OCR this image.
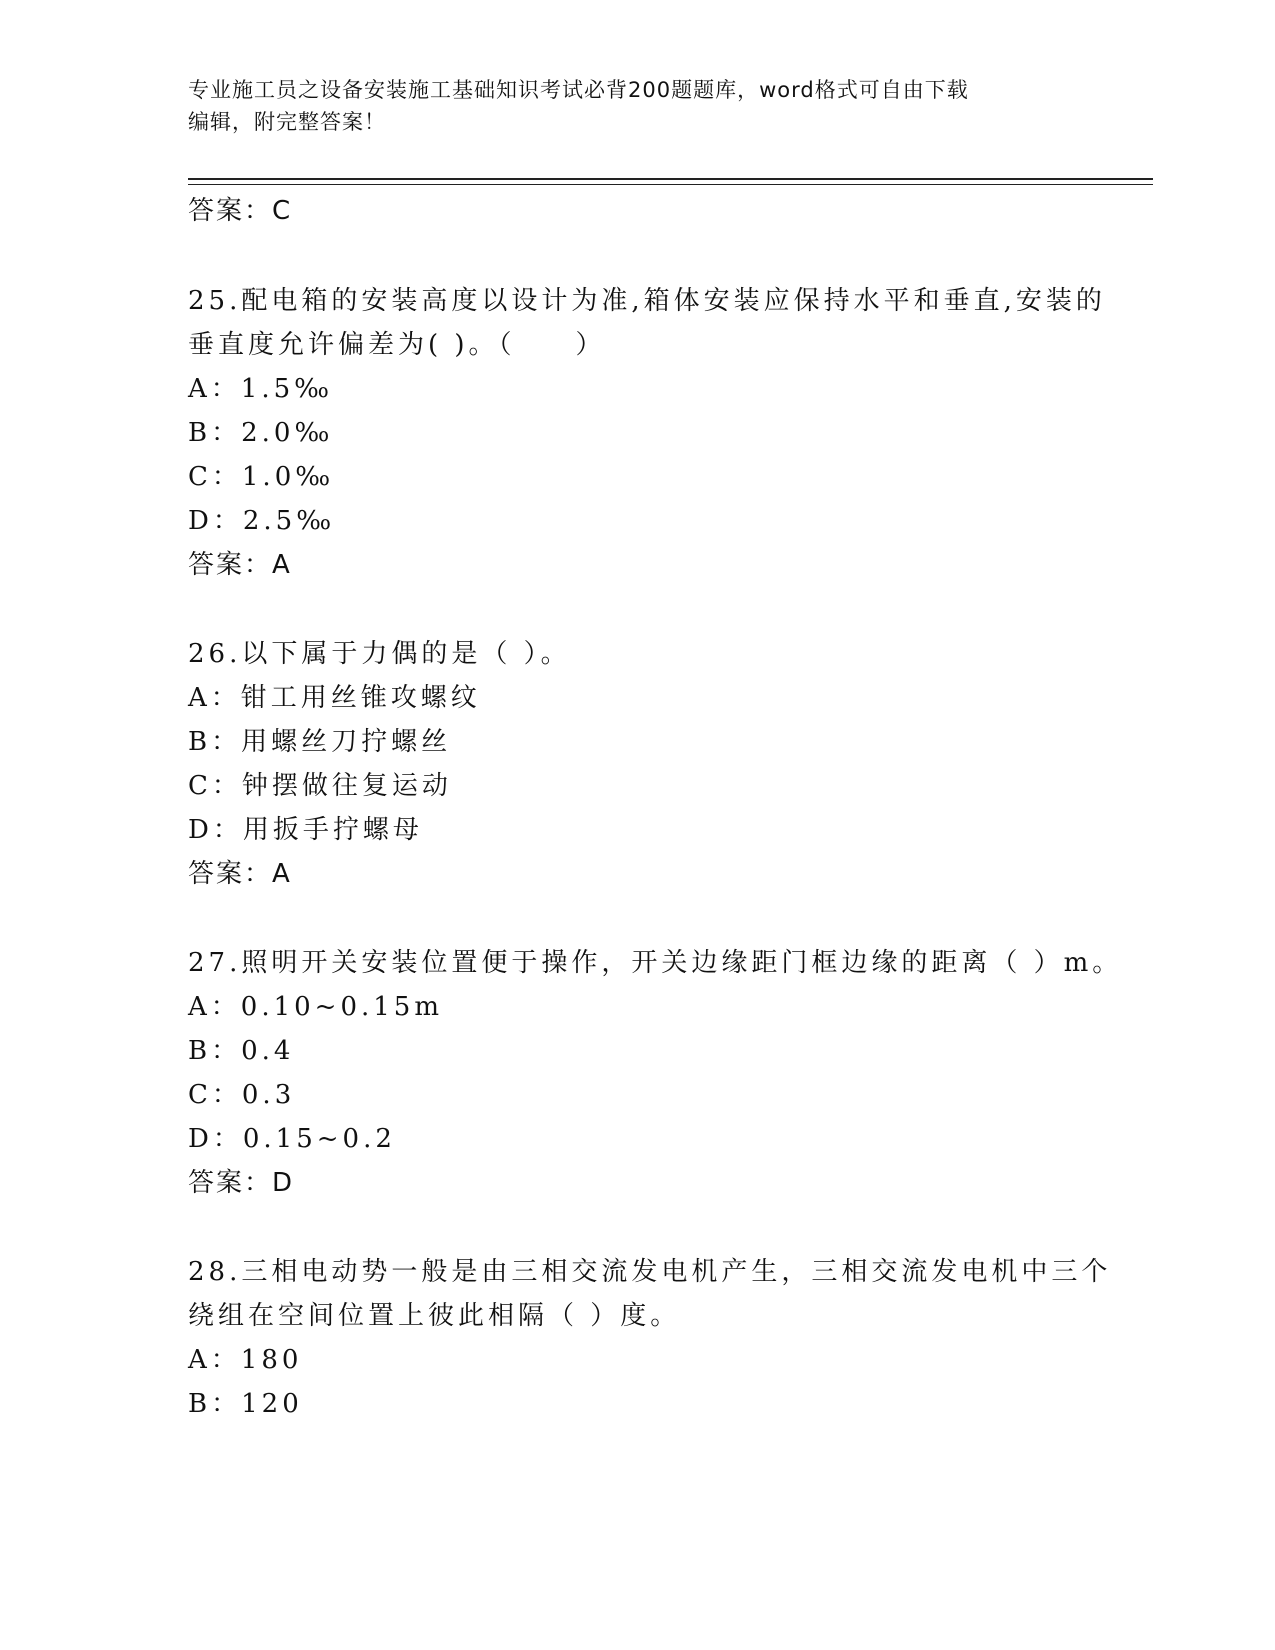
专业施工员之设备安装施工基础知识考试必背200题题库，word格式可自由下载
编辑，附完整答案！
答案：C
25.配电箱的安装高度以设计为准,箱体安装应保持水平和垂直,安装的
垂直度允许偏差为( )。（　　）
A：1.5‰
B：2.0‰
C：1.0‰
D：2.5‰
答案：A
26.以下属于力偶的是（ ）。
A：钳工用丝锥攻螺纹
B：用螺丝刀拧螺丝
C：钟摆做往复运动
D：用扳手拧螺母
答案：A
27.照明开关安装位置便于操作，开关边缘距门框边缘的距离（ ）m。
A：0.10~0.15m
B：0.4
C：0.3
D：0.15~0.2
答案：D
28.三相电动势一般是由三相交流发电机产生，三相交流发电机中三个
绕组在空间位置上彼此相隔（ ）度。
A：180
B：120
